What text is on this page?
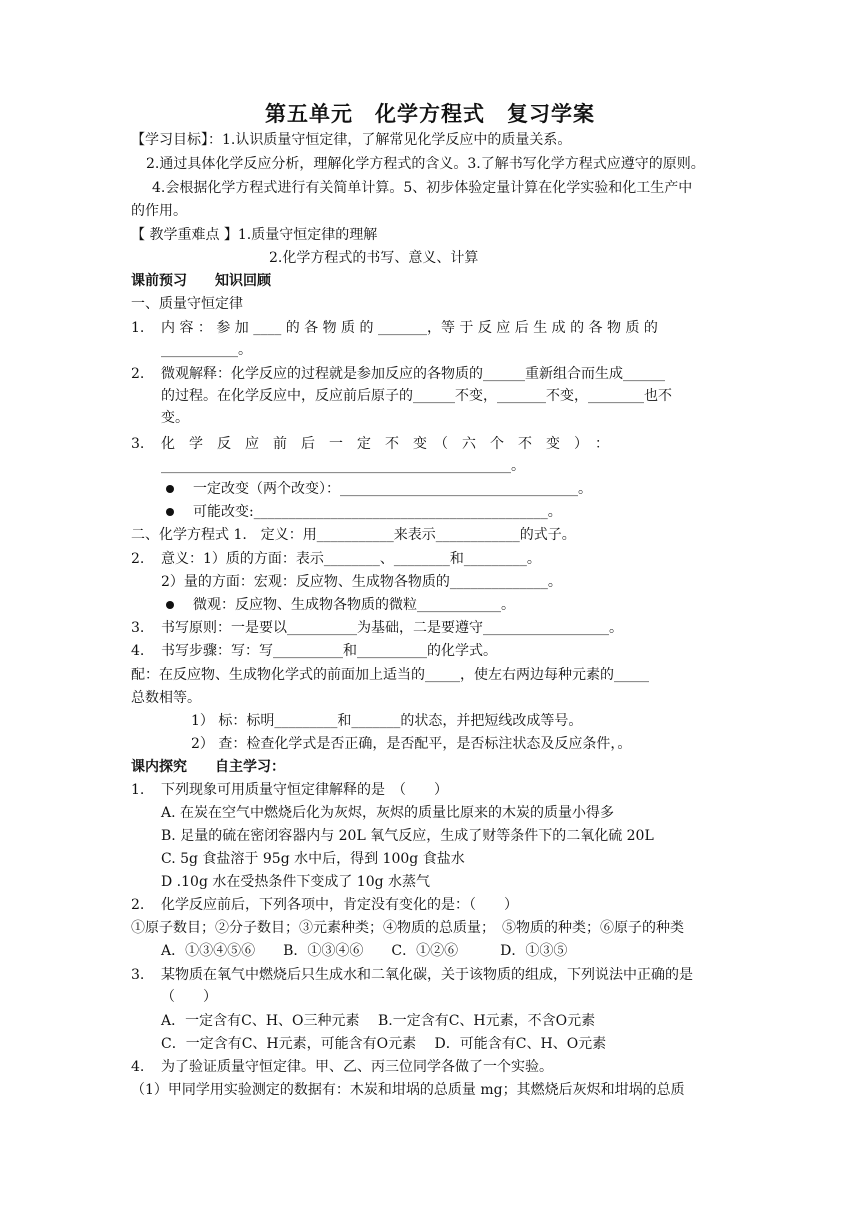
第五单元　化学方程式　复习学案
【学习目标】：1.认识质量守恒定律，了解常见化学反应中的质量关系。
2.通过具体化学反应分析，理解化学方程式的含义。3.了解书写化学方程式应遵守的原则。
4.会根据化学方程式进行有关简单计算。5、初步体验定量计算在化学实验和化工生产中
的作用。
【 教学重难点 】1.质量守恒定律的理解
2.化学方程式的书写、意义、计算
课前预习　　知识回顾
一、质量守恒定律
1. 内 容 ： 参 加 ____ 的 各 物 质 的 _______，等 于 反 应 后 生 成 的 各 物 质 的
___________。
2. 微观解释：化学反应的过程就是参加反应的各物质的______重新组合而生成______
的过程。在化学反应中，反应前后原子的______不变，_______不变，________也不
变。
3. 化　学　反　应　前　后　一　定　不　变　（　六　个　不　变　）　：
__________________________________________________。
一定改变（两个改变）：__________________________________。
可能改变:__________________________________________。
二、化学方程式 1.　定义：用___________来表示____________的式子。
2. 意义：1）质的方面：表示________、________和_________。
2）量的方面：宏观：反应物、生成物各物质的______________。
微观：反应物、生成物各物质的微粒____________。
3. 书写原则：一是要以__________为基础，二是要遵守__________________。
4. 书写步骤：写：写__________和__________的化学式。
配：在反应物、生成物化学式的前面加上适当的_____，使左右两边每种元素的_____
总数相等。
1） 标：标明_________和_______的状态，并把短线改成等号。
2） 查：检查化学式是否正确，是否配平，是否标注状态及反应条件，。
课内探究　　自主学习：
1. 下列现象可用质量守恒定律解释的是　（　　）
A. 在炭在空气中燃烧后化为灰烬，灰烬的质量比原来的木炭的质量小得多
B. 足量的硫在密闭容器内与 20L 氧气反应，生成了财等条件下的二氧化硫 20L
C. 5g 食盐溶于 95g 水中后，得到 100g 食盐水
D .10g 水在受热条件下变成了 10g 水蒸气
2. 化学反应前后，下列各项中，肯定没有变化的是：（　　）
①原子数目；②分子数目；③元素种类；④物质的总质量；　⑤物质的种类；⑥原子的种类
A．①③④⑤⑥　　B．①③④⑥　　C．①②⑥　　　D．①③⑤
3. 某物质在氧气中燃烧后只生成水和二氧化碳，关于该物质的组成，下列说法中正确的是
（　　）
A．一定含有C、H、O三种元素　 B.一定含有C、H元素，不含O元素
C．一定含有C、H元素，可能含有O元素　 D．可能含有C、H、O元素
4. 为了验证质量守恒定律。甲、乙、丙三位同学各做了一个实验。
（1）甲同学用实验测定的数据有：木炭和坩埚的总质量 mg；其燃烧后灰烬和坩埚的总质
